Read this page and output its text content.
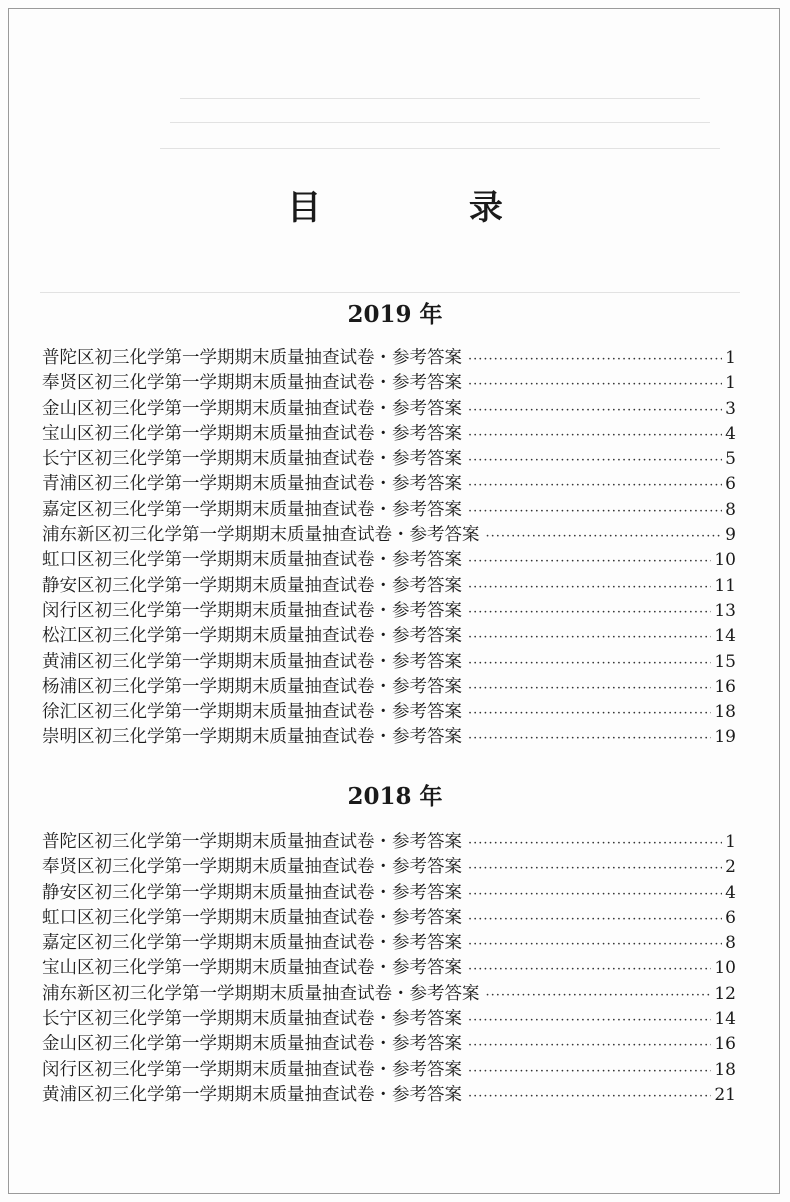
目 录
2019 年
普陀区初三化学第一学期期末质量抽查试卷・参考答案 ·····	1
奉贤区初三化学第一学期期末质量抽查试卷・参考答案 ·····	1
金山区初三化学第一学期期末质量抽查试卷・参考答案 ·····	3
宝山区初三化学第一学期期末质量抽查试卷・参考答案 ·····	4
长宁区初三化学第一学期期末质量抽查试卷・参考答案 ·····	5
青浦区初三化学第一学期期末质量抽查试卷・参考答案 ·····	6
嘉定区初三化学第一学期期末质量抽查试卷・参考答案 ·····	8
浦东新区初三化学第一学期期末质量抽查试卷・参考答案 ·····	9
虹口区初三化学第一学期期末质量抽查试卷・参考答案 ·····	10
静安区初三化学第一学期期末质量抽查试卷・参考答案 ·····	11
闵行区初三化学第一学期期末质量抽查试卷・参考答案 ·····	13
松江区初三化学第一学期期末质量抽查试卷・参考答案 ·····	14
黄浦区初三化学第一学期期末质量抽查试卷・参考答案 ·····	15
杨浦区初三化学第一学期期末质量抽查试卷・参考答案 ·····	16
徐汇区初三化学第一学期期末质量抽查试卷・参考答案 ·····	18
崇明区初三化学第一学期期末质量抽查试卷・参考答案 ·····	19
2018 年
普陀区初三化学第一学期期末质量抽查试卷・参考答案 ·····	1
奉贤区初三化学第一学期期末质量抽查试卷・参考答案 ·····	2
静安区初三化学第一学期期末质量抽查试卷・参考答案 ·····	4
虹口区初三化学第一学期期末质量抽查试卷・参考答案 ·····	6
嘉定区初三化学第一学期期末质量抽查试卷・参考答案 ·····	8
宝山区初三化学第一学期期末质量抽查试卷・参考答案 ·····	10
浦东新区初三化学第一学期期末质量抽查试卷・参考答案 ·····	12
长宁区初三化学第一学期期末质量抽查试卷・参考答案 ·····	14
金山区初三化学第一学期期末质量抽查试卷・参考答案 ·····	16
闵行区初三化学第一学期期末质量抽查试卷・参考答案 ·····	18
黄浦区初三化学第一学期期末质量抽查试卷・参考答案 ·····	21
